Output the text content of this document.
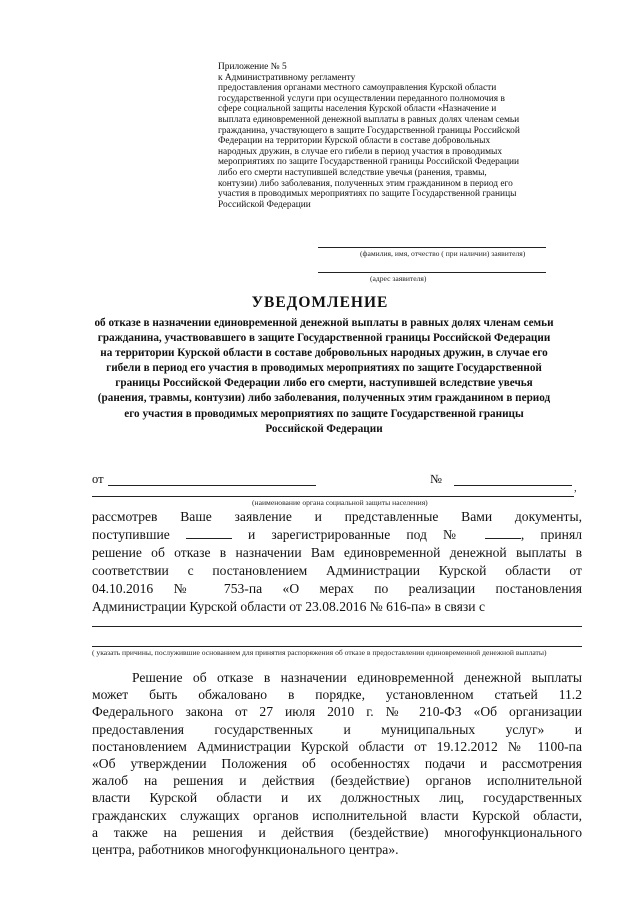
Приложение № 5
к Административному регламенту
предоставления органами местного самоуправления Курской области
государственной услуги при осуществлении переданного полномочия в
сфере социальной защиты населения Курской области «Назначение и
выплата единовременной денежной выплаты в равных долях членам семьи
гражданина, участвующего в защите Государственной границы Российской
Федерации на территории Курской области в составе добровольных
народных дружин, в случае его гибели в период участия в проводимых
мероприятиях по защите Государственной границы Российской Федерации
либо его смерти наступившей вследствие увечья (ранения, травмы,
контузии) либо заболевания, полученных этим гражданином в период его
участия в проводимых мероприятиях по защите Государственной границы
Российской Федерации
(фамилия, имя, отчество ( при наличии) заявителя)
(адрес заявителя)
УВЕДОМЛЕНИЕ
об отказе в назначении единовременной денежной выплаты в равных долях членам семьи гражданина, участвовавшего в защите Государственной границы Российской Федерации на территории Курской области в составе добровольных народных дружин, в случае его гибели в период его участия в проводимых мероприятиях по защите Государственной границы Российской Федерации либо его смерти, наступившей вследствие увечья (ранения, травмы, контузии) либо заболевания, полученных этим гражданином в период его участия в проводимых мероприятиях по защите Государственной границы Российской Федерации
от	№
,
(наименование органа социальной защиты населения)
рассмотрев Ваше заявление и представленные Вами документы,
поступившие	и зарегистрированные под №	, принял
решение об отказе в назначении Вам единовременной денежной выплаты в
соответствии с постановлением Администрации Курской области от
04.10.2016 № 753-па «О мерах по реализации постановления
Администрации Курской области от 23.08.2016 № 616-па» в связи с
( указать причины, послужившие основанием для принятия распоряжения об отказе в предоставлении единовременной денежной выплаты)
Решение об отказе в назначении единовременной денежной выплаты
может быть обжаловано в порядке, установленном статьей 11.2
Федерального закона от 27 июля 2010 г. № 210-ФЗ «Об организации
предоставления государственных и муниципальных услуг» и
постановлением Администрации Курской области от 19.12.2012 № 1100-па
«Об утверждении Положения об особенностях подачи и рассмотрения
жалоб на решения и действия (бездействие) органов исполнительной
власти Курской области и их должностных лиц, государственных
гражданских служащих органов исполнительной власти Курской области,
а также на решения и действия (бездействие) многофункционального
центра, работников многофункционального центра».
